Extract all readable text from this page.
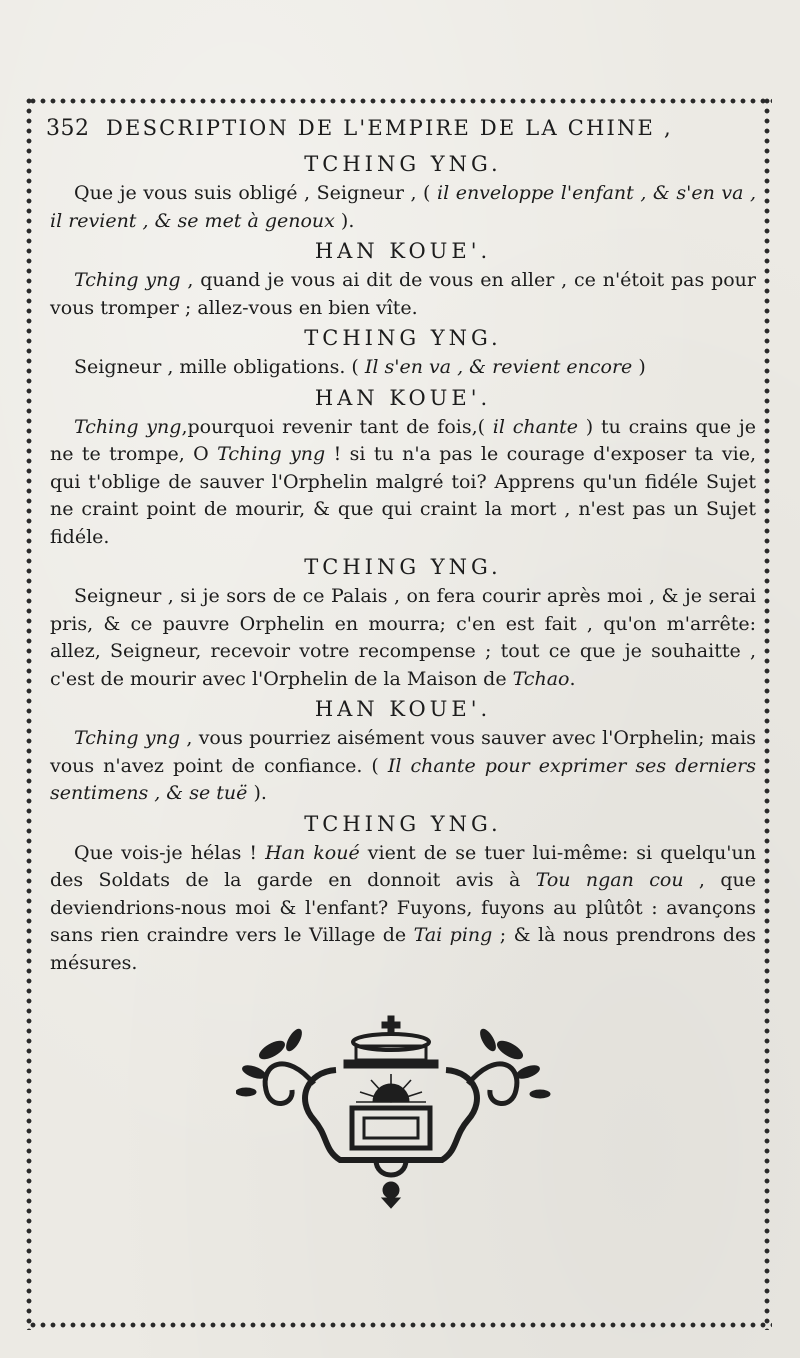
352 DESCRIPTION DE L'EMPIRE DE LA CHINE ,
TCHING YNG.

Que je vous suis obligé , Seigneur , ( il enveloppe l'enfant , & s'en va , il revient , & se met à genoux ).

HAN KOUE'.

Tching yng , quand je vous ai dit de vous en aller , ce n'étoit pas pour vous tromper ; allez-vous en bien vîte.

TCHING YNG.

Seigneur , mille obligations. ( Il s'en va , & revient encore )

HAN KOUE'.

Tching yng,pourquoi revenir tant de fois,( il chante ) tu crains que je ne te trompe, O Tching yng ! si tu n'a pas le courage d'exposer ta vie, qui t'oblige de sauver l'Orphelin malgré toi? Apprens qu'un fidéle Sujet ne craint point de mourir, & que qui craint la mort , n'est pas un Sujet fidéle.

TCHING YNG.

Seigneur , si je sors de ce Palais , on fera courir après moi , & je serai pris, & ce pauvre Orphelin en mourra; c'en est fait , qu'on m'arrête: allez, Seigneur, recevoir votre recompense ; tout ce que je souhaitte , c'est de mourir avec l'Orphelin de la Maison de Tchao.

HAN KOUE'.

Tching yng , vous pourriez aisément vous sauver avec l'Orphelin; mais vous n'avez point de confiance. ( Il chante pour exprimer ses derniers sentimens , & se tuë ).

TCHING YNG.

Que vois-je hélas ! Han koué vient de se tuer lui-même: si quelqu'un des Soldats de la garde en donnoit avis à Tou ngan cou , que deviendrions-nous moi & l'enfant? Fuyons, fuyons au plûtôt : avançons sans rien craindre vers le Village de Tai ping ; & là nous prendrons des mésures.
